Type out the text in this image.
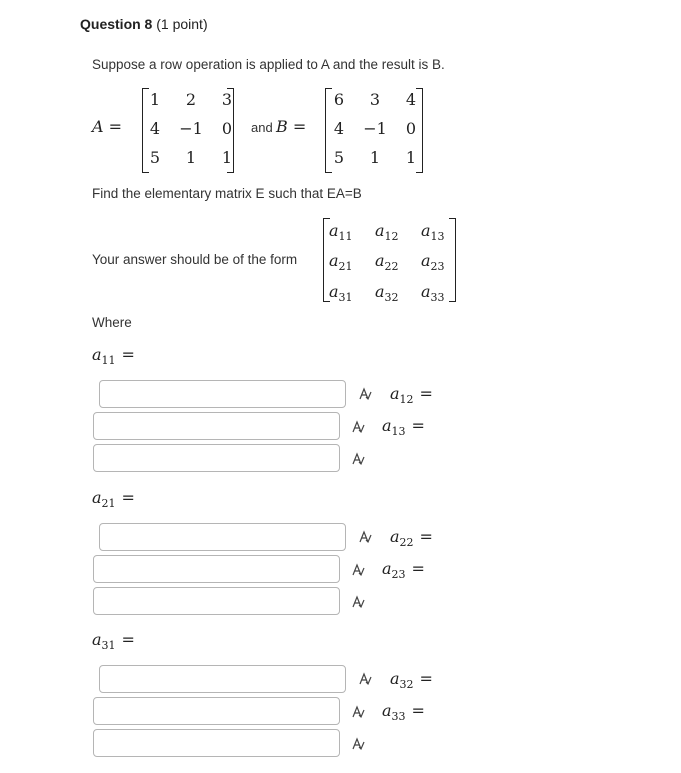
Question 8 (1 point)
Suppose a row operation is applied to A and the result is B.
A =
1	2	3
4	−1	0
5	1	1
and B =
6	3	4
4	−1	0
5	1	1
Find the elementary matrix E such that EA=B
Your answer should be of the form
$a_{11}$ $a_{12}$ $a_{13}$
$a_{21}$ $a_{22}$ $a_{23}$
$a_{31}$ $a_{32}$ $a_{33}$
Where
$a_{11}$ =
$a_{12}$ =
$a_{13}$ =
$a_{21}$ =
$a_{22}$ =
$a_{23}$ =
$a_{31}$ =
$a_{32}$ =
$a_{33}$ =
